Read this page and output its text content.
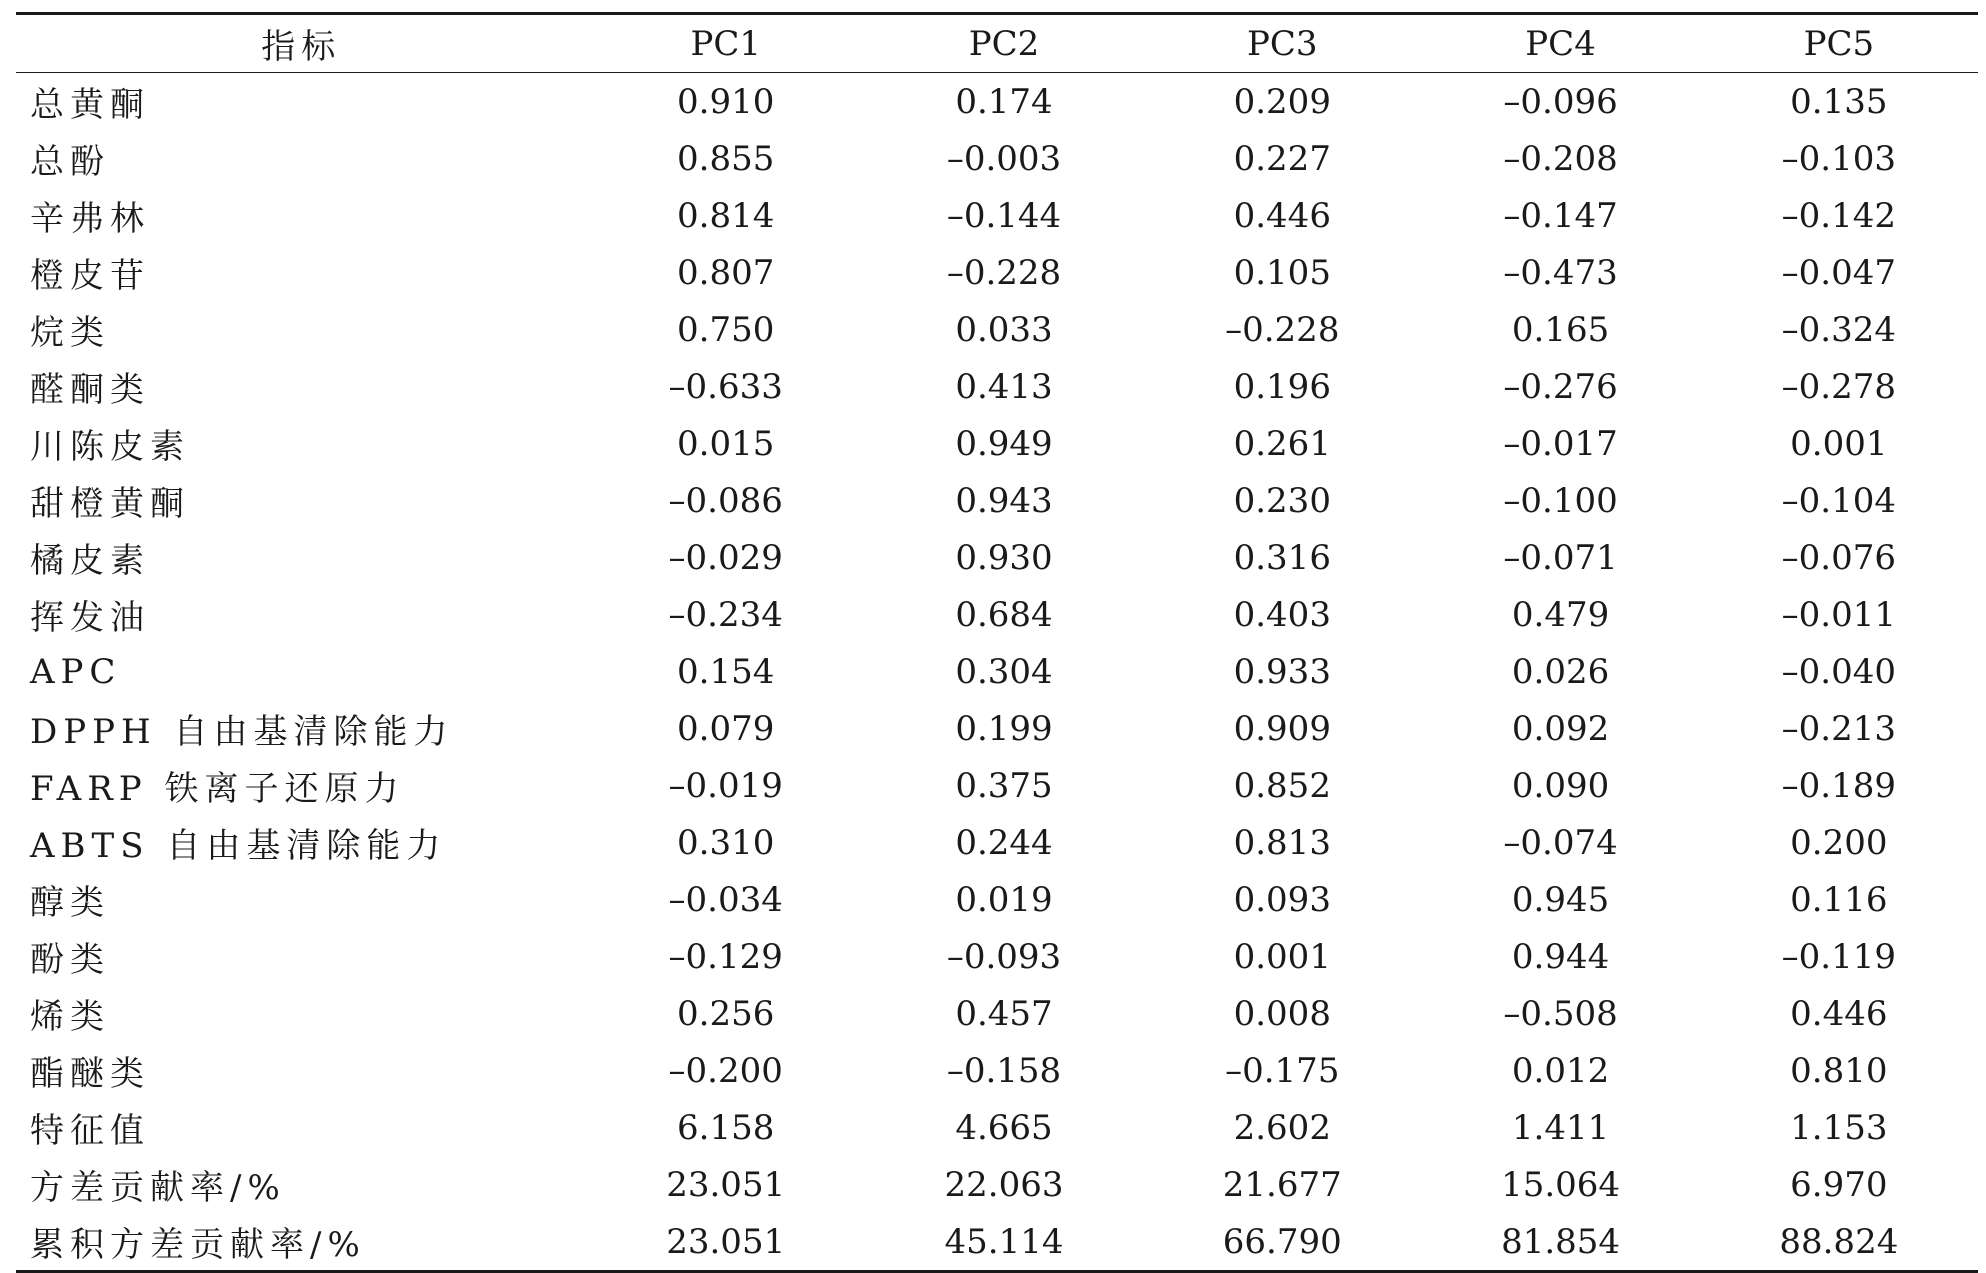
指标	PC1	PC2	PC3	PC4	PC5
总黄酮	0.910	0.174	0.209	–0.096	0.135
总酚	0.855	–0.003	0.227	–0.208	–0.103
辛弗林	0.814	–0.144	0.446	–0.147	–0.142
橙皮苷	0.807	–0.228	0.105	–0.473	–0.047
烷类	0.750	0.033	–0.228	0.165	–0.324
醛酮类	–0.633	0.413	0.196	–0.276	–0.278
川陈皮素	0.015	0.949	0.261	–0.017	0.001
甜橙黄酮	–0.086	0.943	0.230	–0.100	–0.104
橘皮素	–0.029	0.930	0.316	–0.071	–0.076
挥发油	–0.234	0.684	0.403	0.479	–0.011
APC	0.154	0.304	0.933	0.026	–0.040
DPPH 自由基清除能力	0.079	0.199	0.909	0.092	–0.213
FARP 铁离子还原力	–0.019	0.375	0.852	0.090	–0.189
ABTS 自由基清除能力	0.310	0.244	0.813	–0.074	0.200
醇类	–0.034	0.019	0.093	0.945	0.116
酚类	–0.129	–0.093	0.001	0.944	–0.119
烯类	0.256	0.457	0.008	–0.508	0.446
酯醚类	–0.200	–0.158	–0.175	0.012	0.810
特征值	6.158	4.665	2.602	1.411	1.153
方差贡献率/%	23.051	22.063	21.677	15.064	6.970
累积方差贡献率/%	23.051	45.114	66.790	81.854	88.824
